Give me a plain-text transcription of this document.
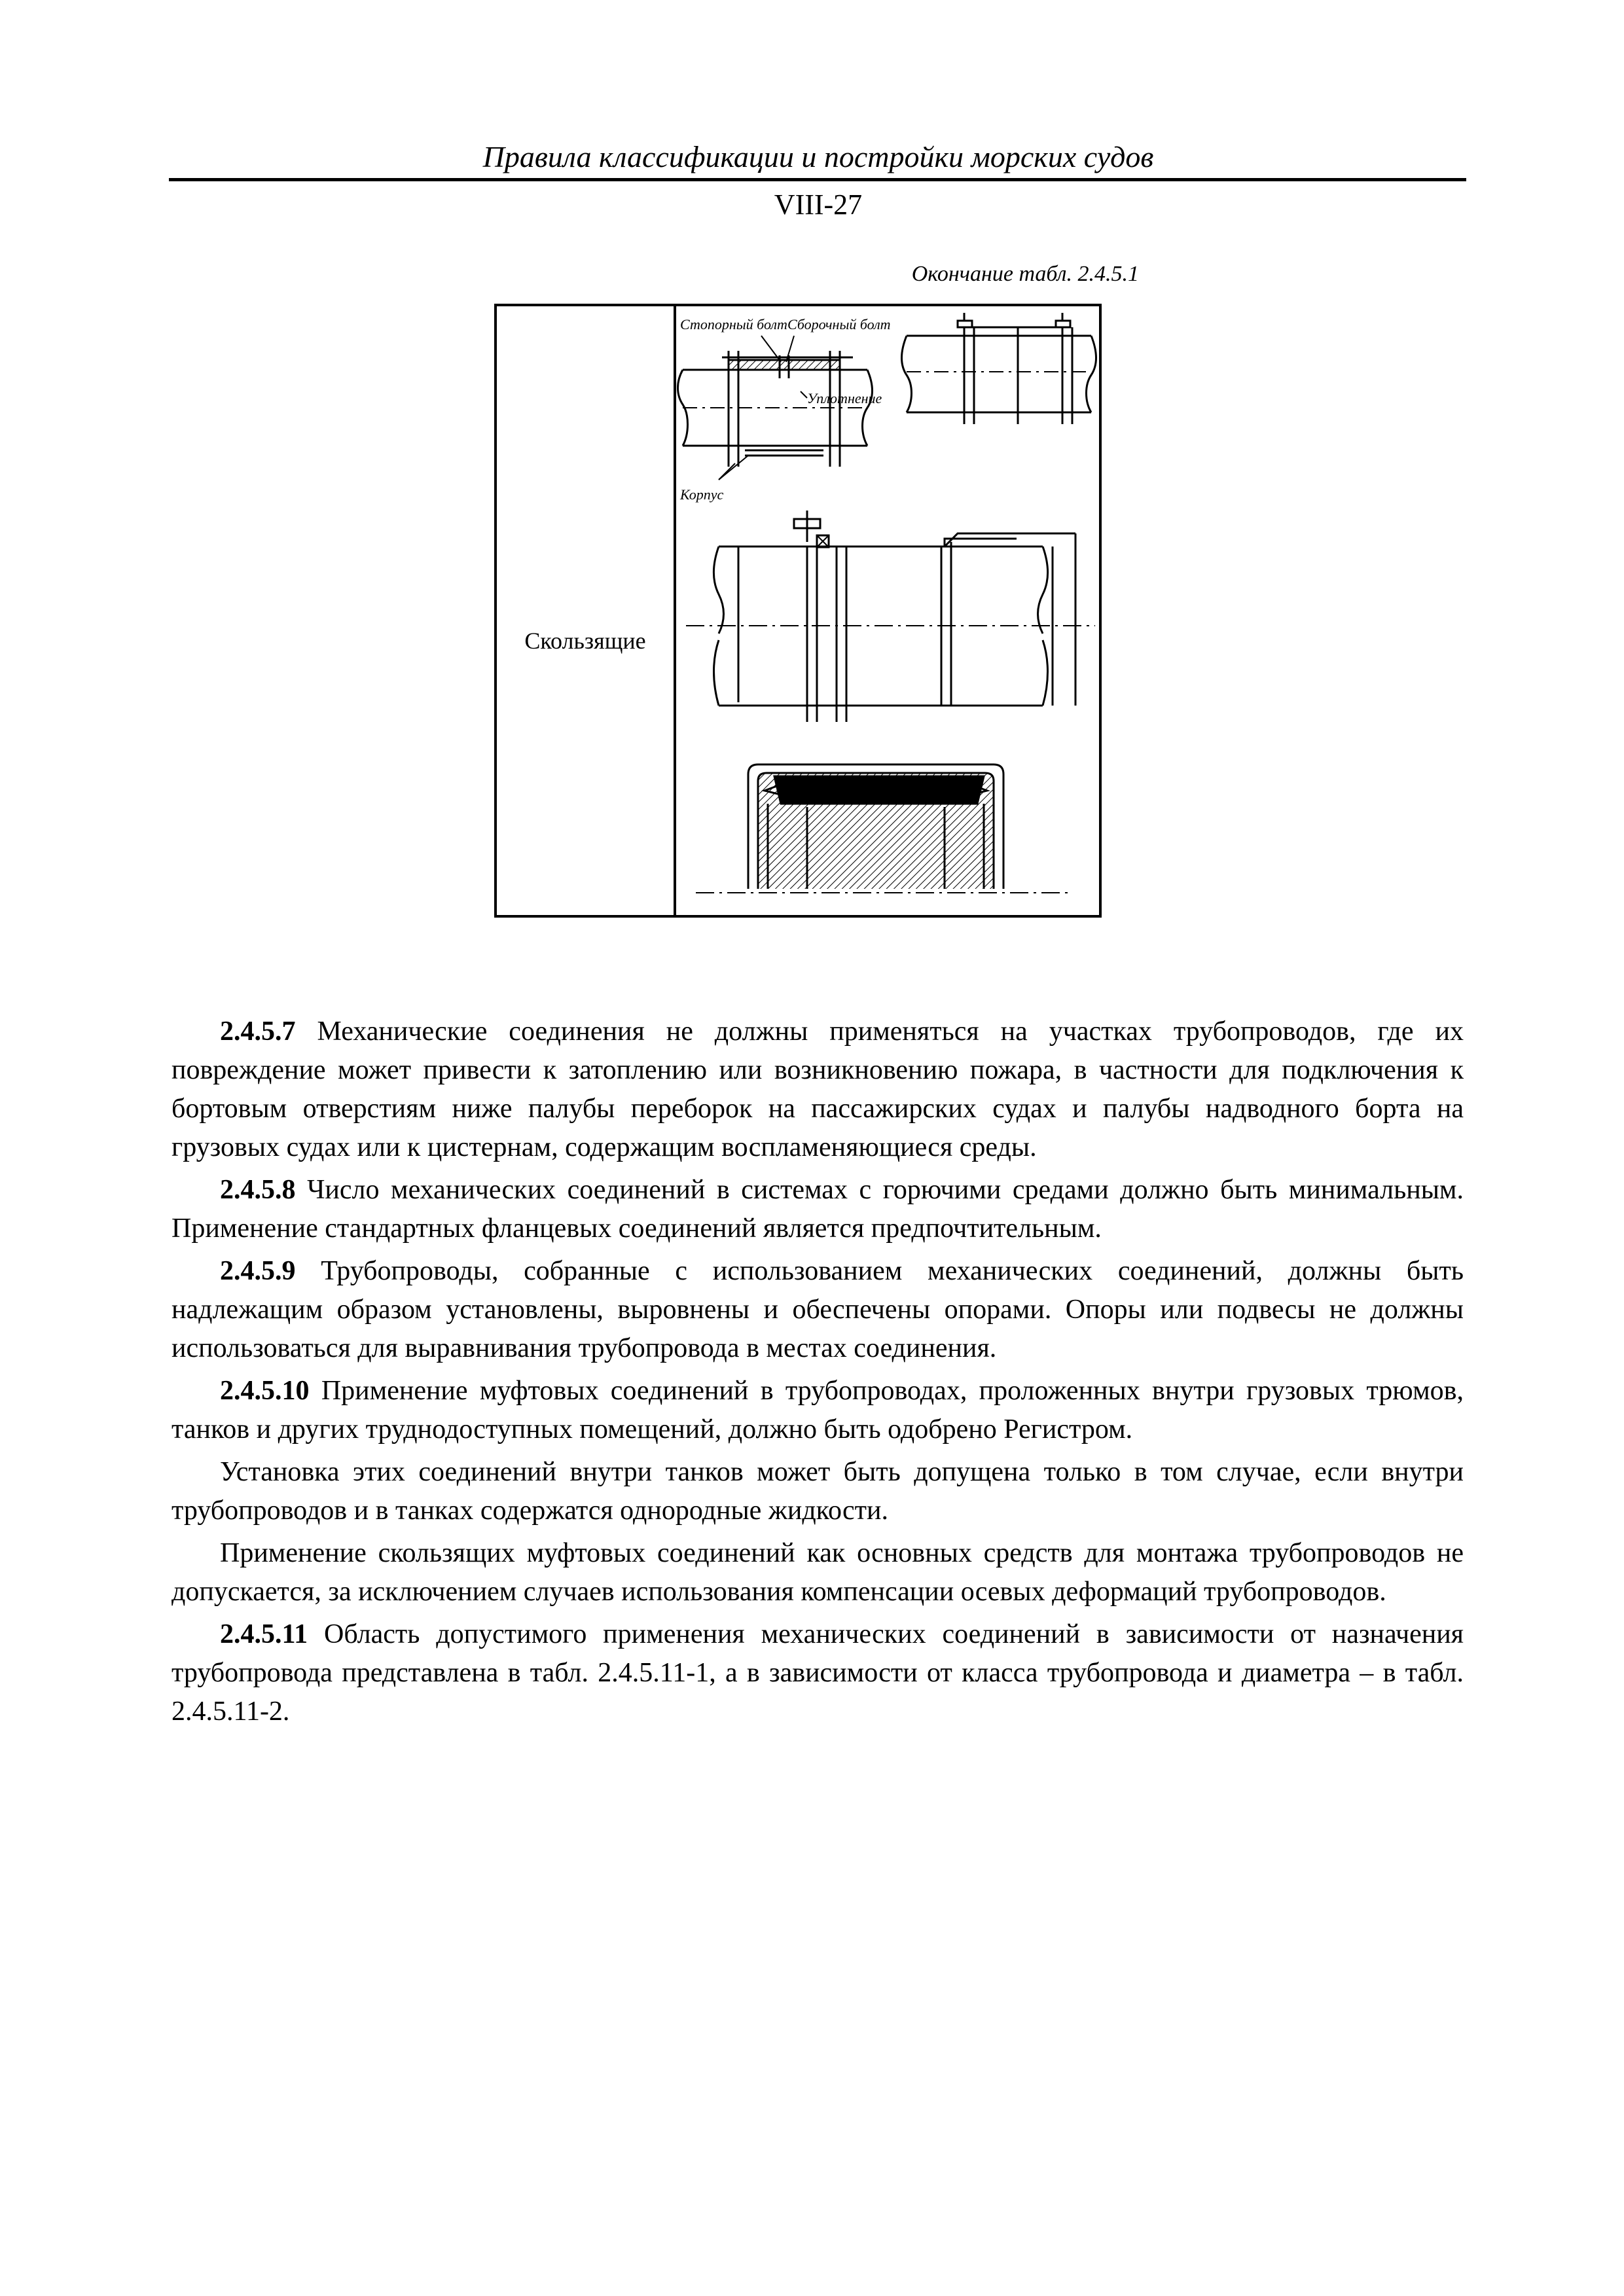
Правила классификации и постройки морских судов
VIII-27
Окончание табл. 2.4.5.1
Скользящие
Стопорный болт Сборочный болт
Уплотнение
Корпус

2.4.5.7 Механические соединения не должны применяться на участках трубопроводов, где их повреждение может привести к затоплению или возникновению пожара, в частности для подключения к бортовым отверстиям ниже палубы переборок на пассажирских судах и палубы надводного борта на грузовых судах или к цистернам, содержащим воспламеняющиеся среды.

2.4.5.8 Число механических соединений в системах с горючими средами должно быть минимальным. Применение стандартных фланцевых соединений является предпочтительным.

2.4.5.9 Трубопроводы, собранные с использованием механических соединений, должны быть надлежащим образом установлены, выровнены и обеспечены опорами. Опоры или подвесы не должны использоваться для выравнивания трубопровода в местах соединения.

2.4.5.10 Применение муфтовых соединений в трубопроводах, проложенных внутри грузовых трюмов, танков и других труднодоступных помещений, должно быть одобрено Регистром.

Установка этих соединений внутри танков может быть допущена только в том случае, если внутри трубопроводов и в танках содержатся однородные жидкости.

Применение скользящих муфтовых соединений как основных средств для монтажа трубопроводов не допускается, за исключением случаев использования компенсации осевых деформаций трубопроводов.

2.4.5.11 Область допустимого применения механических соединений в зависимости от назначения трубопровода представлена в табл. 2.4.5.11-1, а в зависимости от класса трубопровода и диаметра – в табл. 2.4.5.11-2.
